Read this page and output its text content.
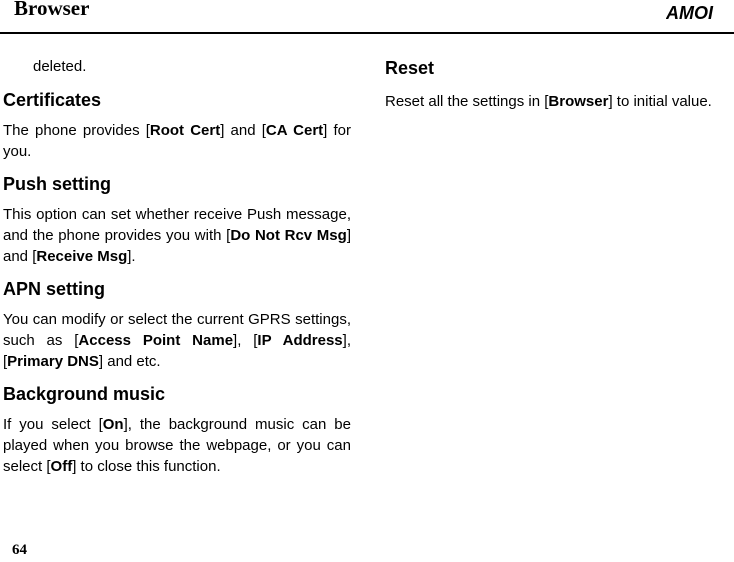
Browser	AMOI

deleted.

Certificates

The phone provides [Root Cert] and [CA Cert] for you.

Push setting

This option can set whether receive Push message, and the phone provides you with [Do Not Rcv Msg] and [Receive Msg].

APN setting

You can modify or select the current GPRS settings, such as [Access Point Name], [IP Address], [Primary DNS] and etc.

Background music

If you select [On], the background music can be played when you browse the webpage, or you can select [Off] to close this function.

Reset

Reset all the settings in [Browser] to initial value.

64
